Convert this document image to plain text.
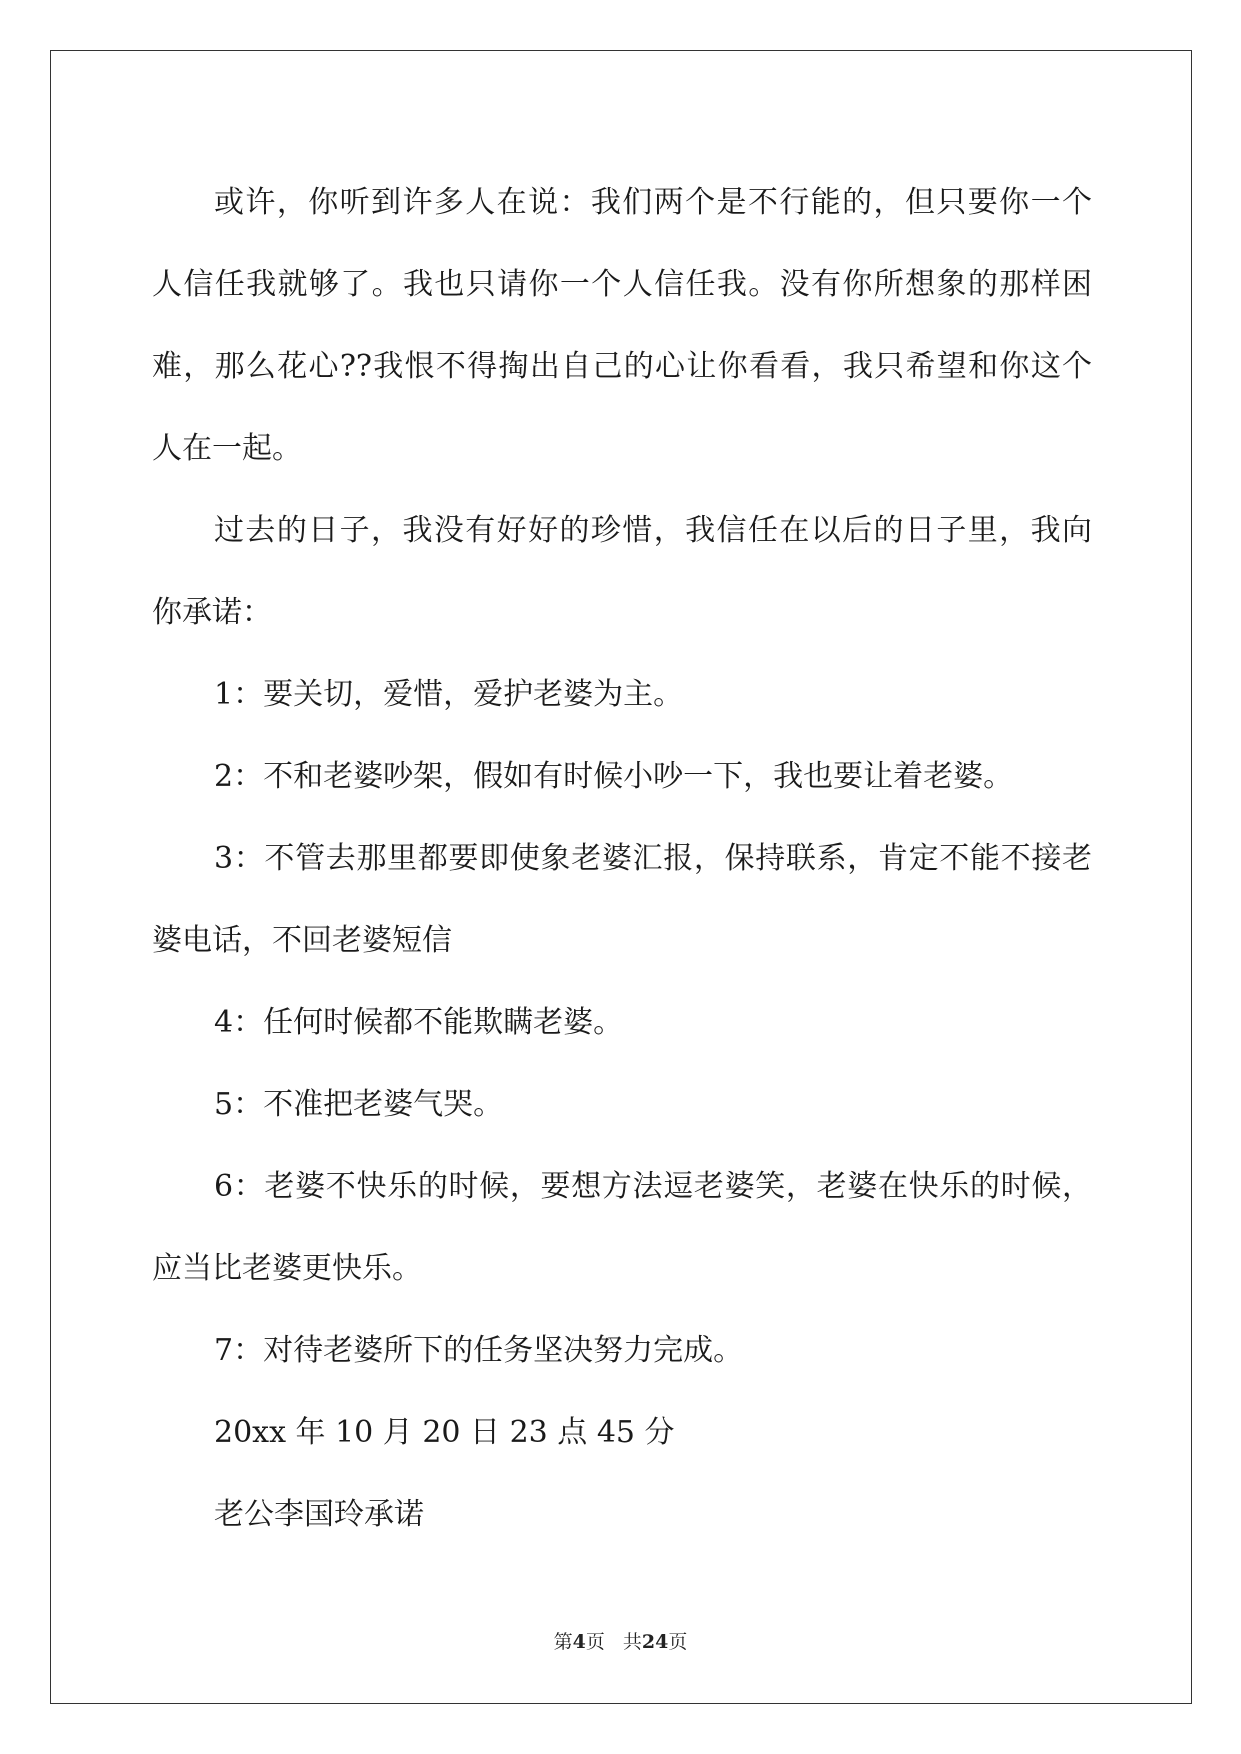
或许，你听到许多人在说：我们两个是不行能的，但只要你一个
人信任我就够了。我也只请你一个人信任我。没有你所想象的那样困
难，那么花心??我恨不得掏出自己的心让你看看，我只希望和你这个
人在一起。
过去的日子，我没有好好的珍惜，我信任在以后的日子里，我向
你承诺：
1：要关切，爱惜，爱护老婆为主。
2：不和老婆吵架，假如有时候小吵一下，我也要让着老婆。
3：不管去那里都要即使象老婆汇报，保持联系，肯定不能不接老
婆电话，不回老婆短信
4：任何时候都不能欺瞒老婆。
5：不准把老婆气哭。
6：老婆不快乐的时候，要想方法逗老婆笑，老婆在快乐的时候，
应当比老婆更快乐。
7：对待老婆所下的任务坚决努力完成。
20xx 年 10 月 20 日 23 点 45 分
老公李国玲承诺
第4页 共24页
